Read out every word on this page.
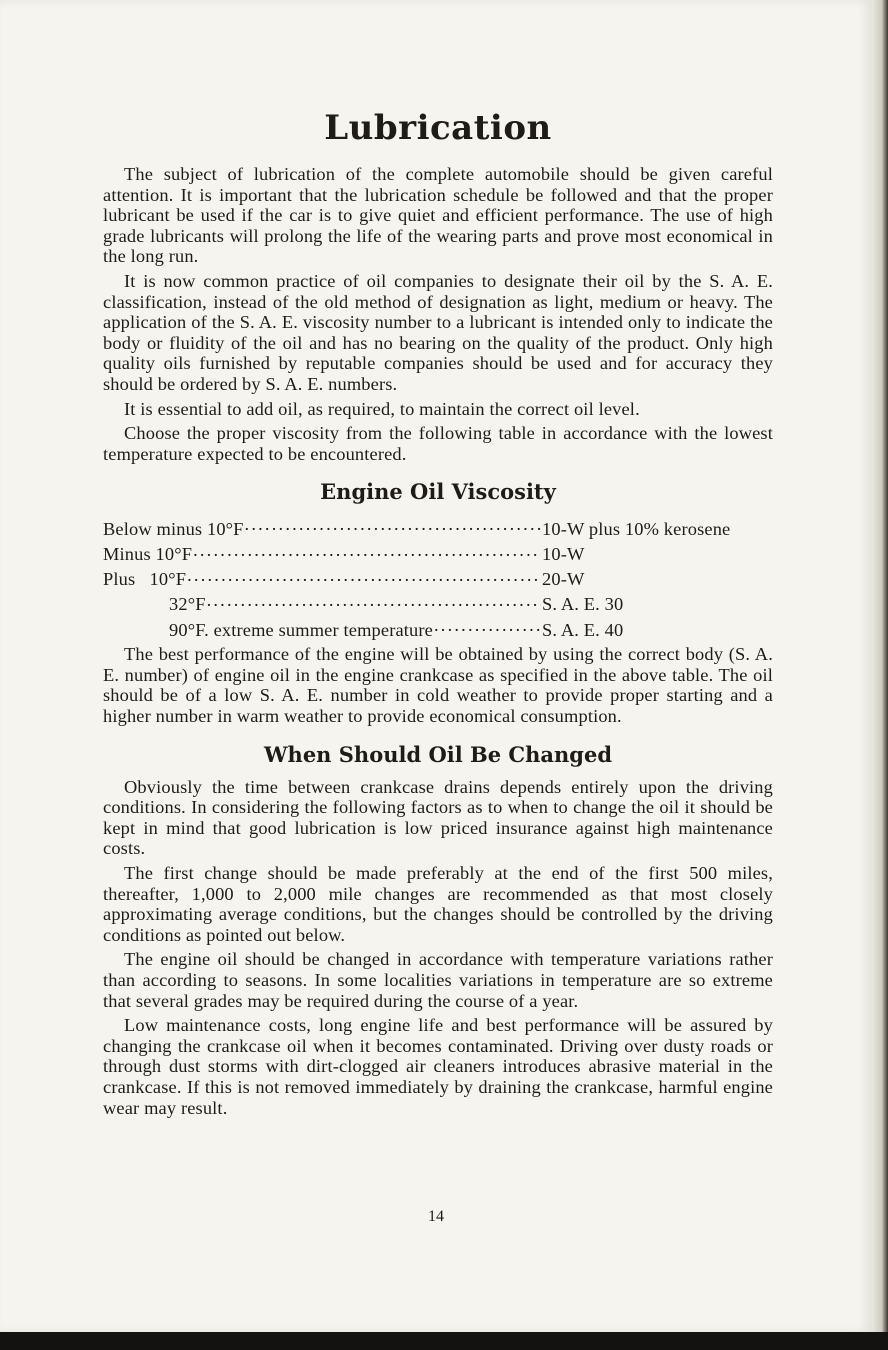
Lubrication

The subject of lubrication of the complete automobile should be given careful attention. It is important that the lubrication schedule be followed and that the proper lubricant be used if the car is to give quiet and efficient performance. The use of high grade lubricants will prolong the life of the wearing parts and prove most economical in the long run.

It is now common practice of oil companies to designate their oil by the S. A. E. classification, instead of the old method of designation as light, medium or heavy. The application of the S. A. E. viscosity number to a lubricant is intended only to indicate the body or fluidity of the oil and has no bearing on the quality of the product. Only high quality oils furnished by reputable companies should be used and for accuracy they should be ordered by S. A. E. numbers.

It is essential to add oil, as required, to maintain the correct oil level.

Choose the proper viscosity from the following table in accordance with the lowest temperature expected to be encountered.

Engine Oil Viscosity
Below minus 10°F . . .	10-W plus 10% kerosene
Minus 10°F . . .	10-W
Plus   10°F . . .	20-W
32°F . . .	S. A. E. 30
90°F. extreme summer temperature . . .	S. A. E. 40

The best performance of the engine will be obtained by using the correct body (S. A. E. number) of engine oil in the engine crankcase as specified in the above table. The oil should be of a low S. A. E. number in cold weather to provide proper starting and a higher number in warm weather to provide economical consumption.

When Should Oil Be Changed

Obviously the time between crankcase drains depends entirely upon the driving conditions. In considering the following factors as to when to change the oil it should be kept in mind that good lubrication is low priced insurance against high maintenance costs.

The first change should be made preferably at the end of the first 500 miles, thereafter, 1,000 to 2,000 mile changes are recommended as that most closely approximating average conditions, but the changes should be controlled by the driving conditions as pointed out below.

The engine oil should be changed in accordance with temperature variations rather than according to seasons. In some localities variations in temperature are so extreme that several grades may be required during the course of a year.

Low maintenance costs, long engine life and best performance will be assured by changing the crankcase oil when it becomes contaminated. Driving over dusty roads or through dust storms with dirt-clogged air cleaners introduces abrasive material in the crankcase. If this is not removed immediately by draining the crankcase, harmful engine wear may result.

14
